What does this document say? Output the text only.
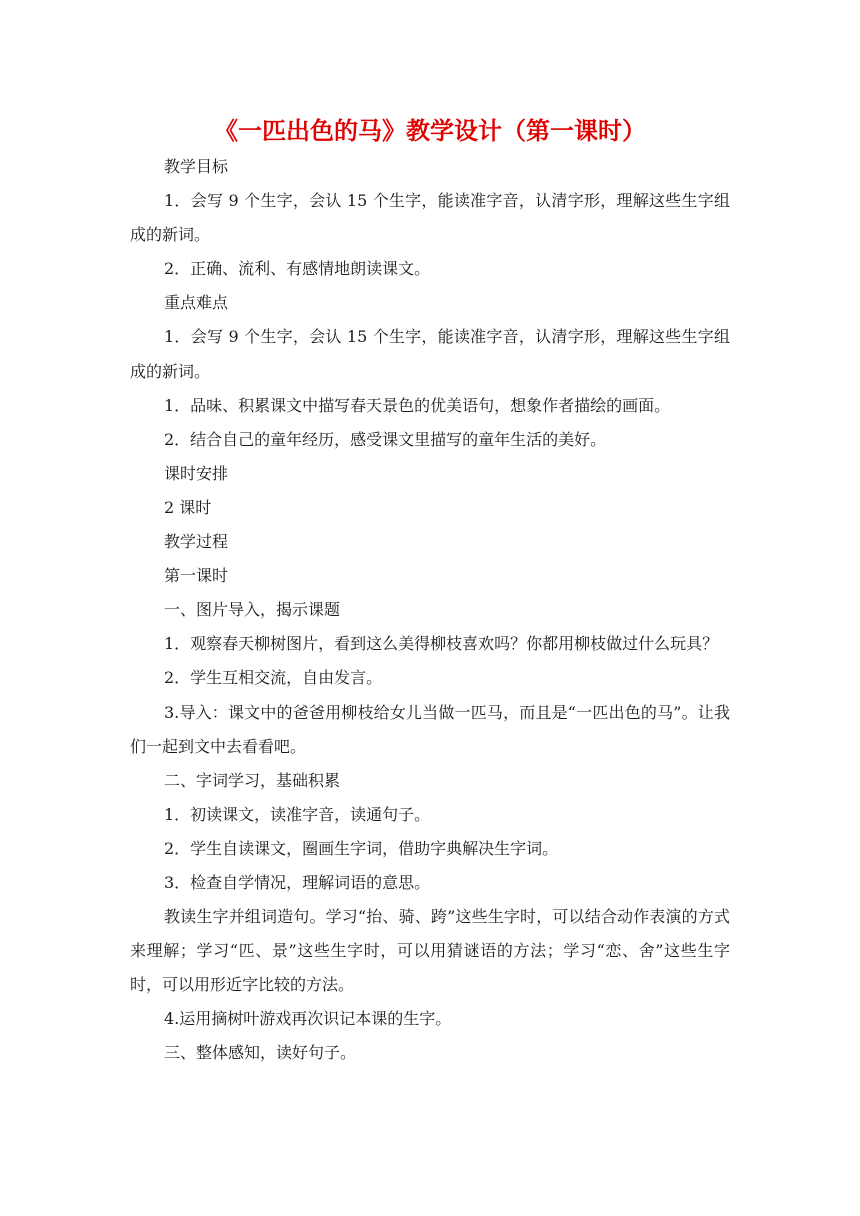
《一匹出色的马》教学设计（第一课时）

教学目标

1．会写 9 个生字，会认 15 个生字，能读准字音，认清字形，理解这些生字组成的新词。

2．正确、流利、有感情地朗读课文。

重点难点

1．会写 9 个生字，会认 15 个生字，能读准字音，认清字形，理解这些生字组成的新词。

1．品味、积累课文中描写春天景色的优美语句，想象作者描绘的画面。

2．结合自己的童年经历，感受课文里描写的童年生活的美好。

课时安排

2 课时

教学过程

第一课时

一、图片导入，揭示课题

1．观察春天柳树图片，看到这么美得柳枝喜欢吗？你都用柳枝做过什么玩具？

2．学生互相交流，自由发言。

3.导入：课文中的爸爸用柳枝给女儿当做一匹马，而且是“一匹出色的马”。让我们一起到文中去看看吧。

二、字词学习，基础积累

1．初读课文，读准字音，读通句子。

2．学生自读课文，圈画生字词，借助字典解决生字词。

3．检查自学情况，理解词语的意思。

教读生字并组词造句。学习“抬、骑、跨”这些生字时，可以结合动作表演的方式来理解；学习“匹、景”这些生字时，可以用猜谜语的方法；学习“恋、舍”这些生字时，可以用形近字比较的方法。

4.运用摘树叶游戏再次识记本课的生字。

三、整体感知，读好句子。
